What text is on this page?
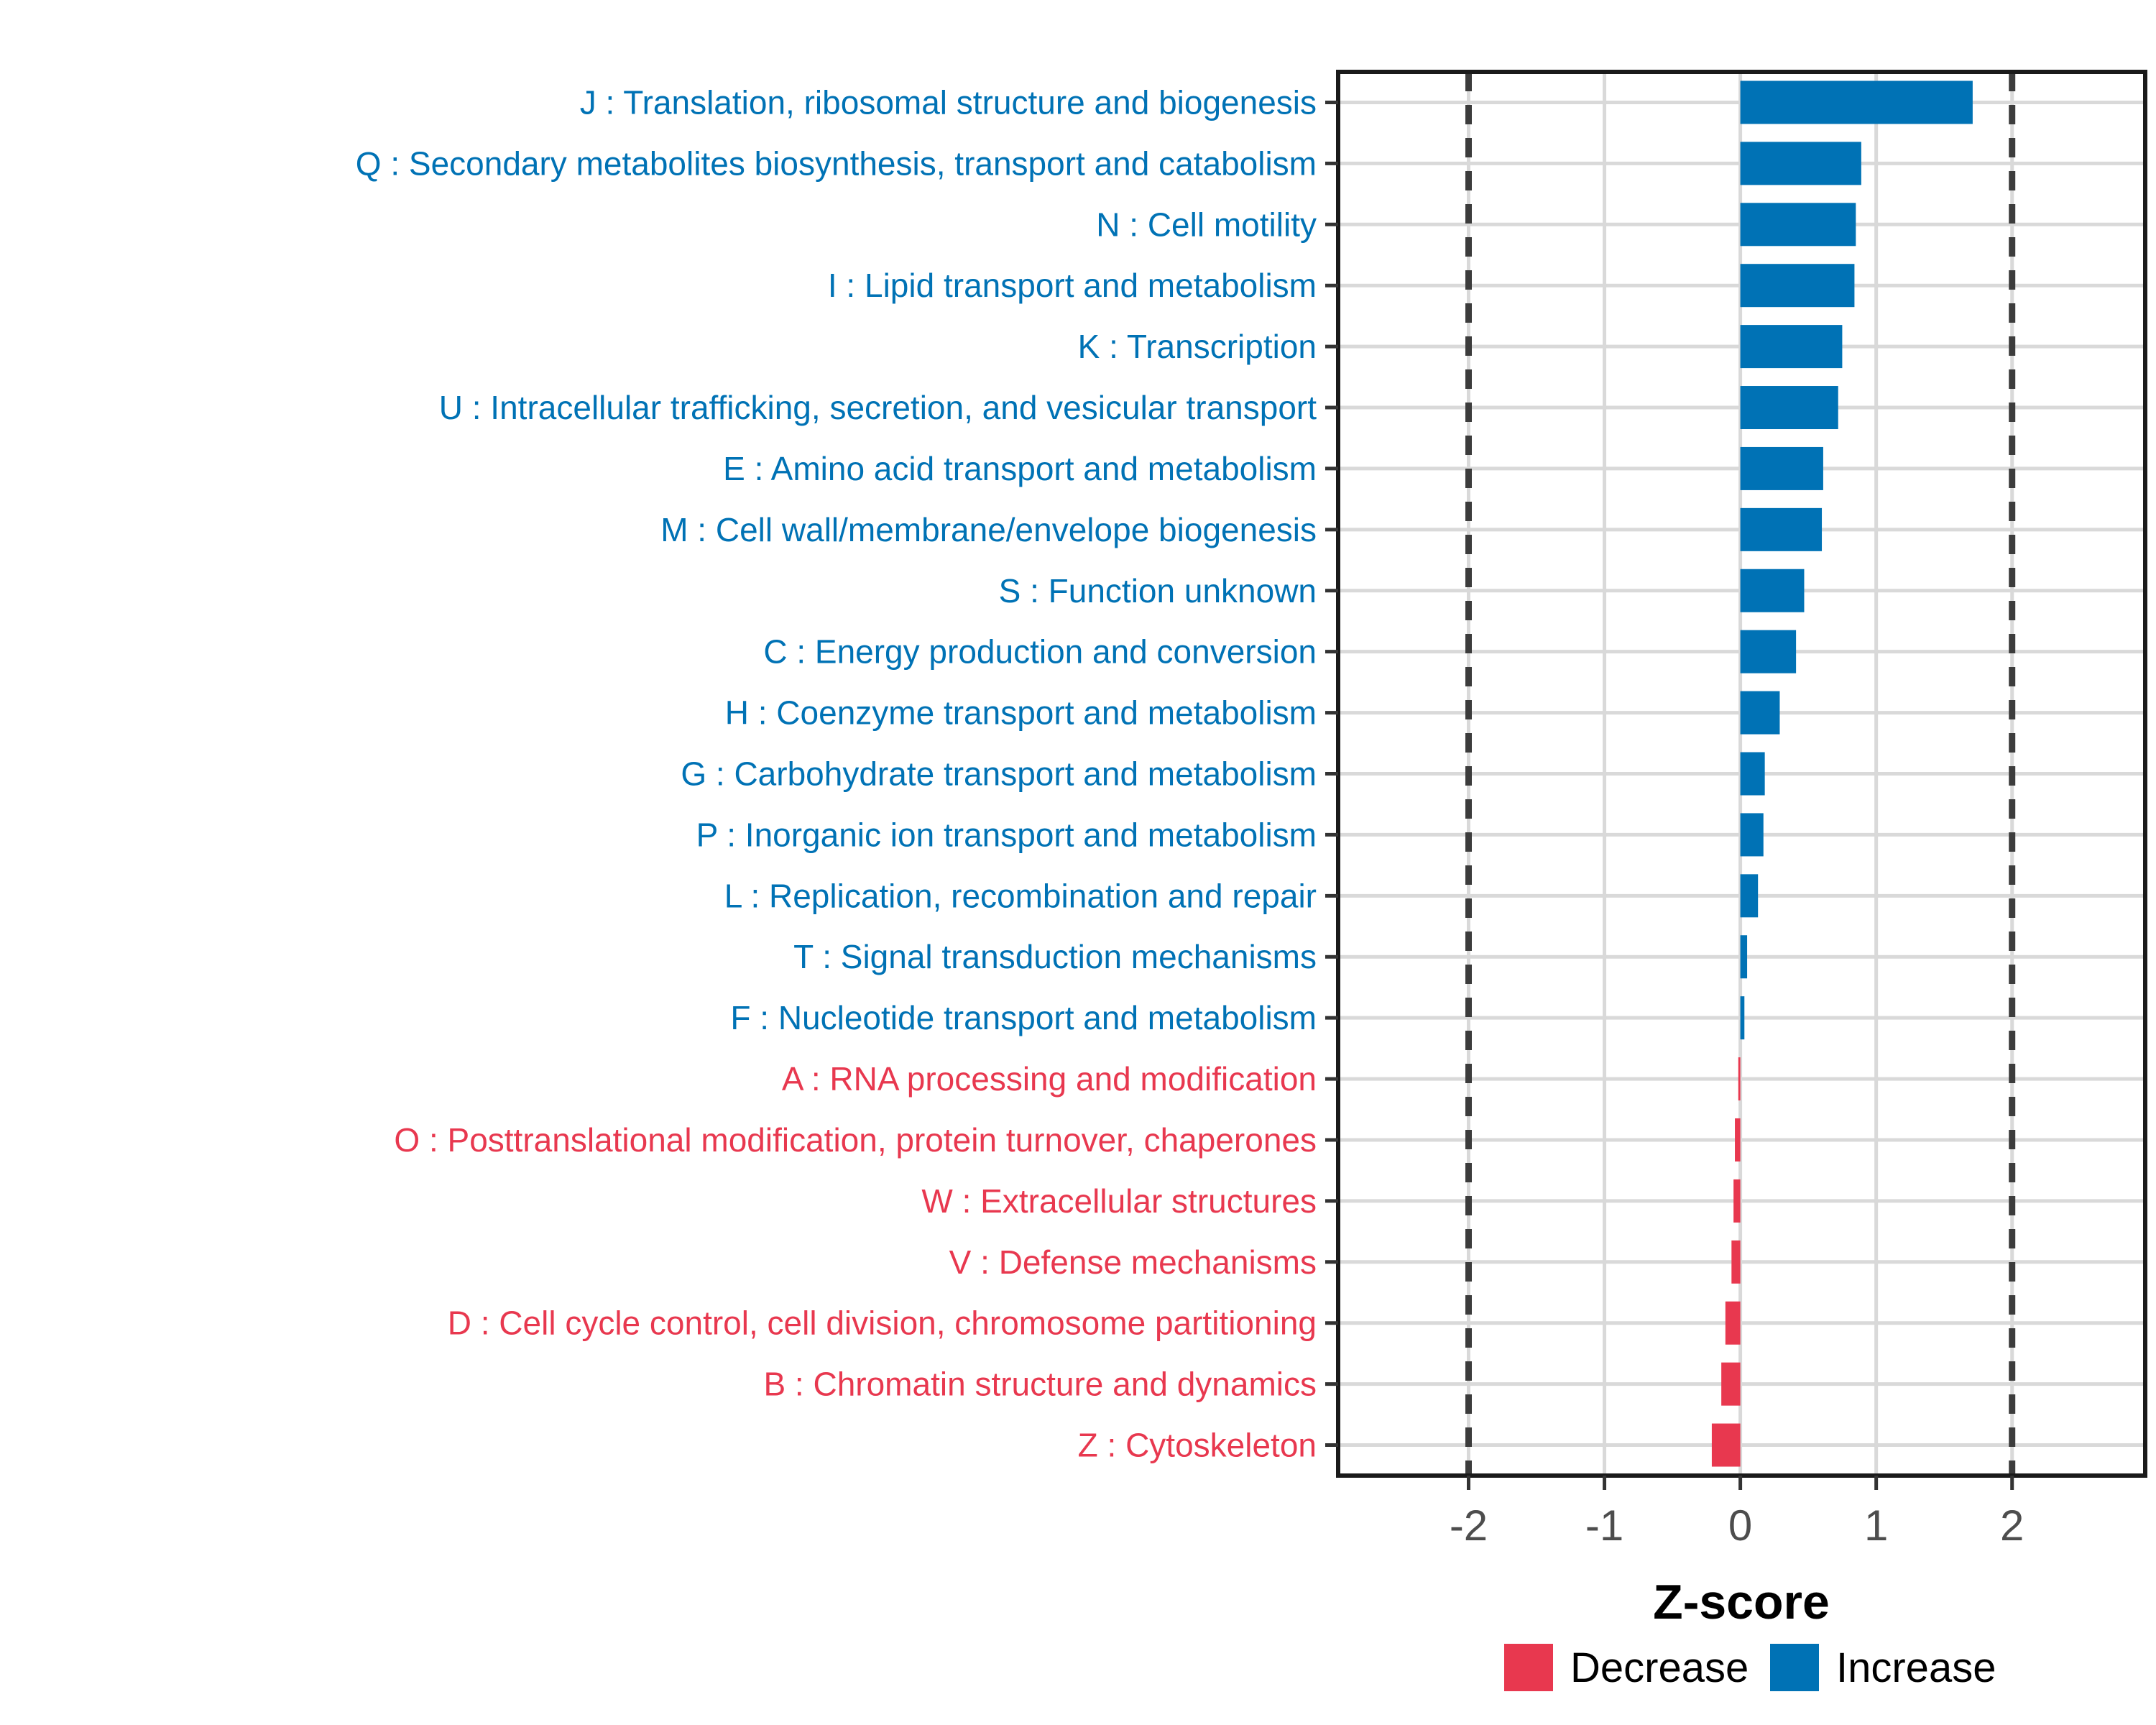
-2 -1 0	1	2
J : Translation, ribosomal structure and biogenesis
Q : Secondary metabolites biosynthesis, transport and catabolism
N : Cell motility
I : Lipid transport and metabolism
K : Transcription
U : Intracellular trafficking, secretion, and vesicular transport
E : Amino acid transport and metabolism
M : Cell wall/membrane/envelope biogenesis
S : Function unknown
C : Energy production and conversion
H : Coenzyme transport and metabolism
G : Carbohydrate transport and metabolism
P : Inorganic ion transport and metabolism
L : Replication, recombination and repair
T : Signal transduction mechanisms
F : Nucleotide transport and metabolism
A : RNA processing and modification
O : Posttranslational modification, protein turnover, chaperones
W : Extracellular structures
V : Defense mechanisms
D : Cell cycle control, cell division, chromosome partitioning
B : Chromatin structure and dynamics
Z : Cytoskeleton
Z-score
Decrease Increase
